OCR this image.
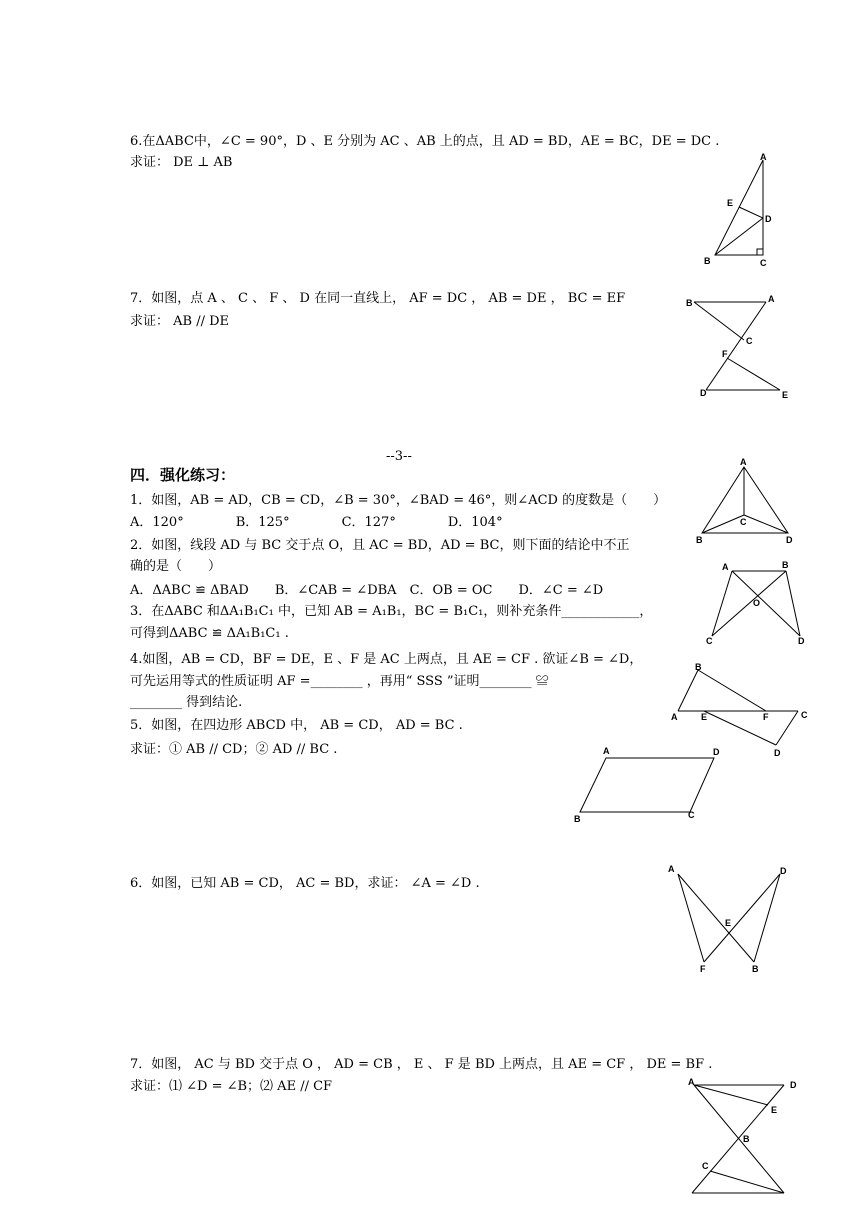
6.在ΔABC中，∠C = 90°，D 、E 分别为 AC 、AB 上的点，且 AD = BD，AE = BC，DE = DC .
求证： DE ⊥ AB
7．如图，点 A 、 C 、 F 、 D 在同一直线上， AF = DC ， AB = DE ， BC = EF
求证： AB // DE
--3--
四．强化练习：
1．如图，AB = AD，CB = CD，∠B = 30°，∠BAD = 46°，则∠ACD 的度数是（　　）
A．120°　　　　B．125°　　　　C．127°　　　　D．104°
2．如图，线段 AD 与 BC 交于点 O，且 AC = BD，AD = BC，则下面的结论中不正
确的是（　　）
A．ΔABC ≌ ΔBAD　　B．∠CAB = ∠DBA　C．OB = OC　　D．∠C = ∠D
3．在ΔABC 和ΔA₁B₁C₁ 中，已知 AB = A₁B₁，BC = B₁C₁，则补充条件____________，
可得到ΔABC ≌ ΔA₁B₁C₁ .
4.如图，AB = CD，BF = DE，E 、F 是 AC 上两点，且 AE = CF . 欲证∠B = ∠D，
可先运用等式的性质证明 AF =________ ，再用“ SSS ”证明________ ≌
________ 得到结论.
5．如图，在四边形 ABCD 中， AB = CD， AD = BC .
求证：① AB // CD；② AD // BC .
6．如图，已知 AB = CD， AC = BD，求证： ∠A = ∠D .
7．如图， AC 与 BD 交于点 O ， AD = CB ， E 、 F 是 BD 上两点，且 AE = CF ， DE = BF .
求证：⑴ ∠D = ∠B；⑵ AE // CF
A
E
D
B	C
B	A
C
F
D	E
A
C
B	D
A	B
O
C	D
B
A	E	F	C
D
A	D
B	C
A	D
E
F	B
A	D
E
B
C
